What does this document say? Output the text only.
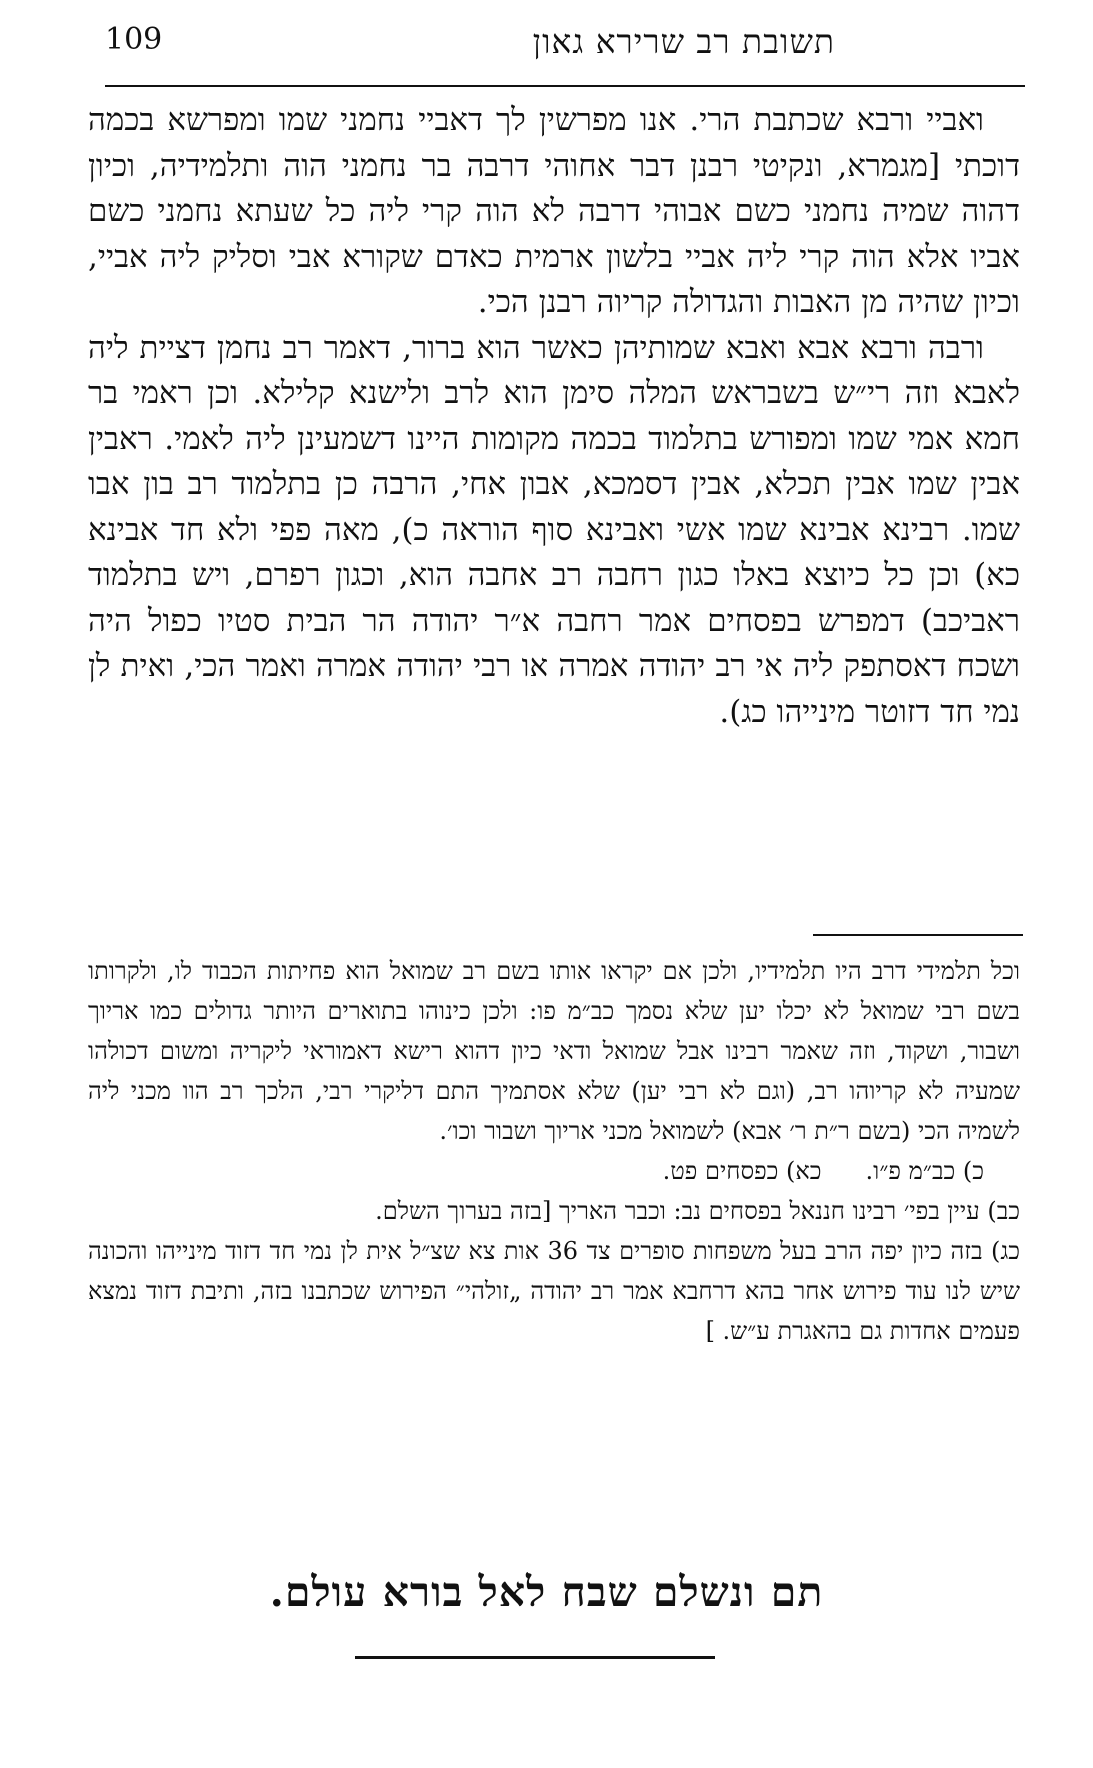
109	תשובת רב שרירא גאון

ואביי ורבא שכתבת הרי. אנו מפרשין לך דאביי נחמני שמו ומפרשא בכמה דוכתי [מגמרא, ונקיטי רבנן דבר אחוהי דרבה בר נחמני הוה ותלמידיה, וכיון דהוה שמיה נחמני כשם אבוהי דרבה לא הוה קרי ליה כל שעתא נחמני כשם אביו אלא הוה קרי ליה אביי בלשון ארמית כאדם שקורא אבי וסליק ליה אביי, וכיון שהיה מן האבות והגדולה קריוה רבנן הכי.

ורבה ורבא אבא ואבא שמותיהן כאשר הוא ברור, דאמר רב נחמן דציית ליה לאבא וזה רי״ש בשבראש המלה סימן הוא לרב ולישנא קלילא. וכן ראמי בר חמא אמי שמו ומפורש בתלמוד בכמה מקומות היינו דשמעינן ליה לאמי. ראבין אבין שמו אבין תכלא, אבין דסמכא, אבון אחי, הרבה כן בתלמוד רב בון אבו שמו. רבינא אבינא שמו אשי ואבינא סוף הוראה כ), מאה פפי ולא חד אבינא כא) וכן כל כיוצא באלו כגון רחבה רב אחבה הוא, וכגון רפרם, ויש בתלמוד ראביכב) דמפרש בפסחים אמר רחבה א״ר יהודה הר הבית סטיו כפול היה ושכח דאסתפק ליה אי רב יהודה אמרה או רבי יהודה אמרה ואמר הכי, ואית לן נמי חד דזוטר מינייהו כג).

וכל תלמידי דרב היו תלמידיו, ולכן אם יקראו אותו בשם רב שמואל הוא פחיתות הכבוד לו, ולקרותו בשם רבי שמואל לא יכלו יען שלא נסמך כב״מ פו: ולכן כינוהו בתוארים היותר גדולים כמו אריוך ושבור, ושקוד, וזה שאמר רבינו אבל שמואל ודאי כיון דהוא רישא דאמוראי ליקריה ומשום דכולהו שמעיה לא קריוהו רב, (וגם לא רבי יען) שלא אסתמיך התם דליקרי רבי, הלכך רב הוו מכני ליה לשמיה הכי (בשם ר״ת ר׳ אבא) לשמואל מכני אריוך ושבור וכו׳.

כ) כב״מ פ״ו.כא) כפסחים פט.

כב) עיין בפי׳ רבינו חננאל בפסחים נב: וכבר האריך [בזה בערוך השלם.

כג) בזה כיון יפה הרב בעל משפחות סופרים צד 36 אות צא שצ״ל אית לן נמי חד דזוד מינייהו והכונה שיש לנו עוד פירוש אחר בהא דרחבא אמר רב יהודה „זולהי״ הפירוש שכתבנו בזה, ותיבת דזוד נמצא פעמים אחדות גם בהאגרת ע״ש. ]

תם ונשלם שבח לאל בורא עולם.
